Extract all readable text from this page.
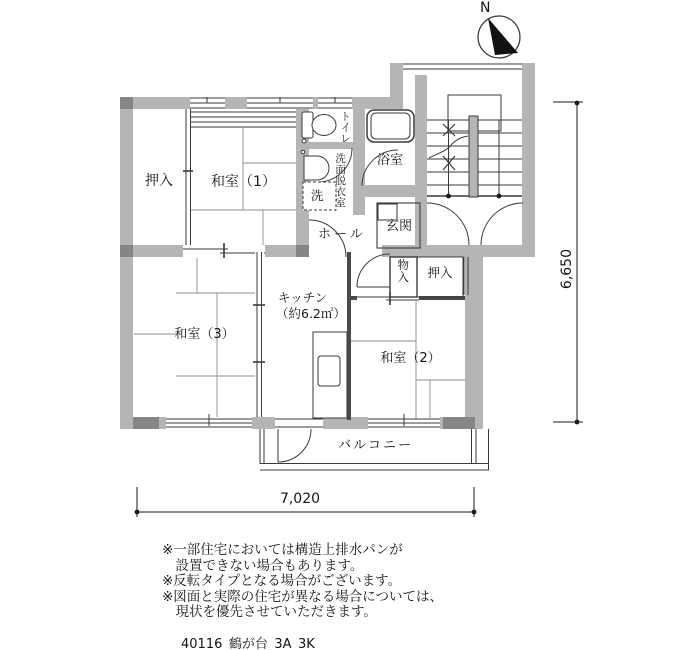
N
押入	和室（1）
トイレ
洗面脱衣室
洗
浴室
玄関
ホール
物入	押入
和室（2）
和室（3）
キッチン
（約6.2㎡）
バルコニー
6,650
7,020
※一部住宅においては構造上排水パンが
　設置できない場合もあります。
※反転タイプとなる場合がございます。
※図面と実際の住宅が異なる場合については、
　現状を優先させていただきます。
40116_鶴が台_3A_3K
